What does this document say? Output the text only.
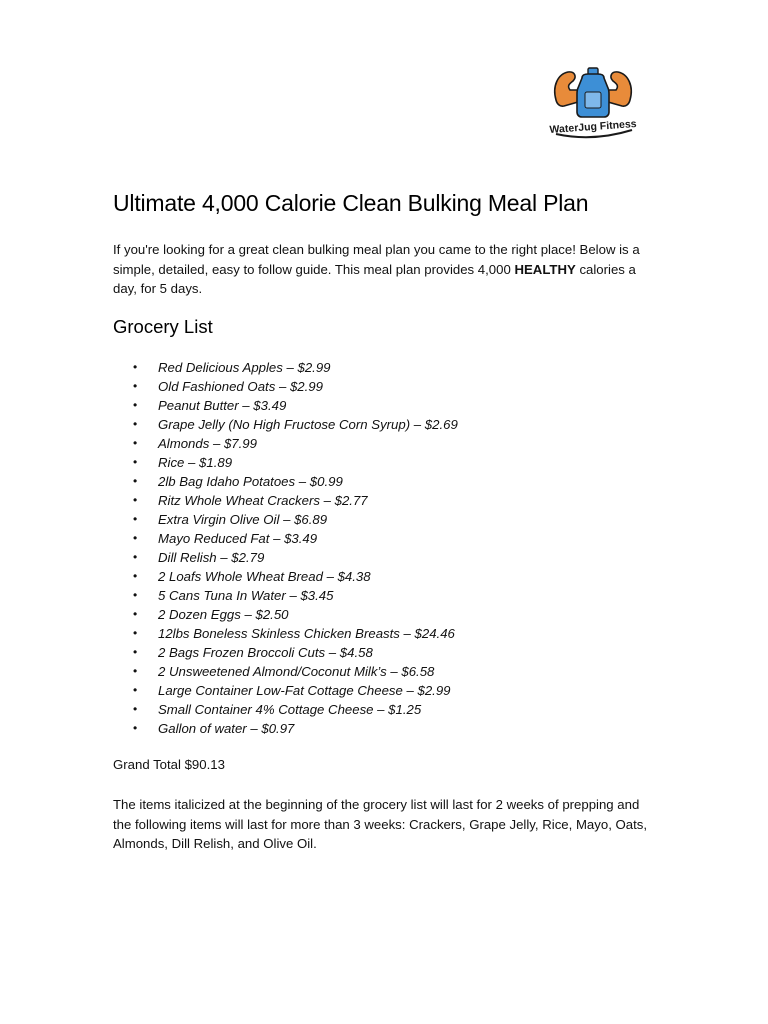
WaterJug Fitness
Ultimate 4,000 Calorie Clean Bulking Meal Plan

If you're looking for a great clean bulking meal plan you came to the right place! Below is a simple, detailed, easy to follow guide. This meal plan provides 4,000 HEALTHY calories a day, for 5 days.

Grocery List
•	Red Delicious Apples – $2.99
•	Old Fashioned Oats – $2.99
•	Peanut Butter – $3.49
•	Grape Jelly (No High Fructose Corn Syrup) – $2.69
•	Almonds – $7.99
•	Rice – $1.89
•	2lb Bag Idaho Potatoes – $0.99
•	Ritz Whole Wheat Crackers – $2.77
•	Extra Virgin Olive Oil – $6.89
•	Mayo Reduced Fat – $3.49
•	Dill Relish – $2.79
•	2 Loafs Whole Wheat Bread – $4.38
•	5 Cans Tuna In Water – $3.45
•	2 Dozen Eggs – $2.50
•	12lbs Boneless Skinless Chicken Breasts – $24.46
•	2 Bags Frozen Broccoli Cuts – $4.58
•	2 Unsweetened Almond/Coconut Milk’s – $6.58
•	Large Container Low-Fat Cottage Cheese – $2.99
•	Small Container 4% Cottage Cheese – $1.25
•	Gallon of water – $0.97

Grand Total $90.13

The items italicized at the beginning of the grocery list will last for 2 weeks of prepping and the following items will last for more than 3 weeks: Crackers, Grape Jelly, Rice, Mayo, Oats, Almonds, Dill Relish, and Olive Oil.
